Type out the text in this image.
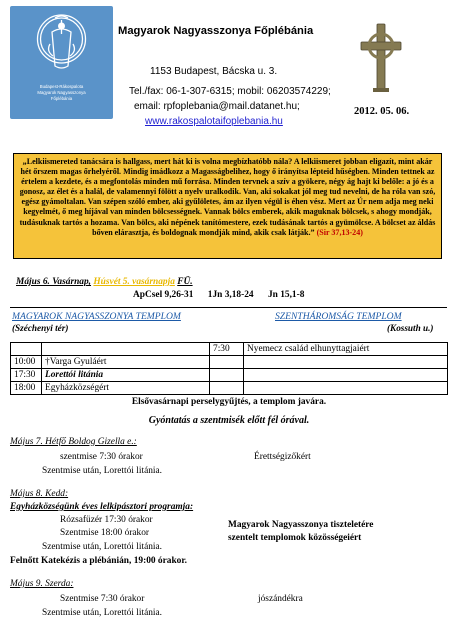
Budapest-Rákospalota
Magyarok Nagyasszonya
Főplébánia
Magyarok Nagyasszonya Főplébánia
1153 Budapest, Bácska u. 3.
Tel./fax: 06-1-307-6315; mobil: 06203574229;
email: rpfoplebania@mail.datanet.hu;
www.rakospalotaifoplebania.hu
2012. 05. 06.
„Lelkiismereted tanácsára is hallgass, mert hát ki is volna megbízhatóbb nála? A lelkiismeret jobban eligazít, mint akár hét őrszem magas őrhelyéről. Mindig imádkozz a Magasságbelihez, hogy ő irányítsa lépteid hűségben. Minden tettnek az értelem a kezdete, és a megfontolás minden mű forrása. Minden tervnek a szív a gyökere, négy ág hajt ki belőle: a jó és a gonosz, az élet és a halál, de valamennyi fölött a nyelv uralkodik. Van, aki sokakat jól meg tud nevelni, de ha róla van szó, egész gyámoltalan. Van szépen szóló ember, aki gyűlöletes, ám az ilyen végül is éhen vész. Mert az Úr nem adja meg neki kegyelmét, ő meg híjával van minden bölcsességnek. Vannak bölcs emberek, akik maguknak bölcsek, s ahogy mondják, tudásuknak tartós a hozama. Van bölcs, aki népének tanítómestere, ezek tudásának tartós a gyümölcse. A bölcset az áldás bőven elárasztja, és boldognak mondják mind, akik csak látják.” (Sir 37,13-24)
Május 6. Vasárnap, Húsvét 5. vasárnapja FÜ.
ApCsel 9,26-31 1Jn 3,18-24 Jn 15,1-8
MAGYAROK NAGYASSZONYA TEMPLOM	SZENTHÁROMSÁG TEMPLOM
(Széchenyi tér)	(Kossuth u.)
		7:30	Nyemecz család elhunyttagjaiért
10:00	†Varga Gyuláért		
17:30	Lorettói litánia		
18:00	Egyházközségért		
Elsővasárnapi perselygyűjtés, a templom javára.
Gyóntatás a szentmisék előtt fél órával.
Május 7. Hétfő Boldog Gizella e.:
szentmise 7:30 órakor	Érettségizőkért
Szentmise után, Lorettói litánia.
Május 8. Kedd:
Egyházközségünk éves lelkipásztori programja:
Rózsafüzér 17:30 órakor
Szentmise 18:00 órakor
Magyarok Nagyasszonya tiszteletére
szentelt templomok közösségeiért
Szentmise után, Lorettói litánia.
Felnőtt Katekézis a plébánián, 19:00 órakor.
Május 9. Szerda:
Szentmise 7:30 órakor	jószándékra
Szentmise után, Lorettói litánia.
